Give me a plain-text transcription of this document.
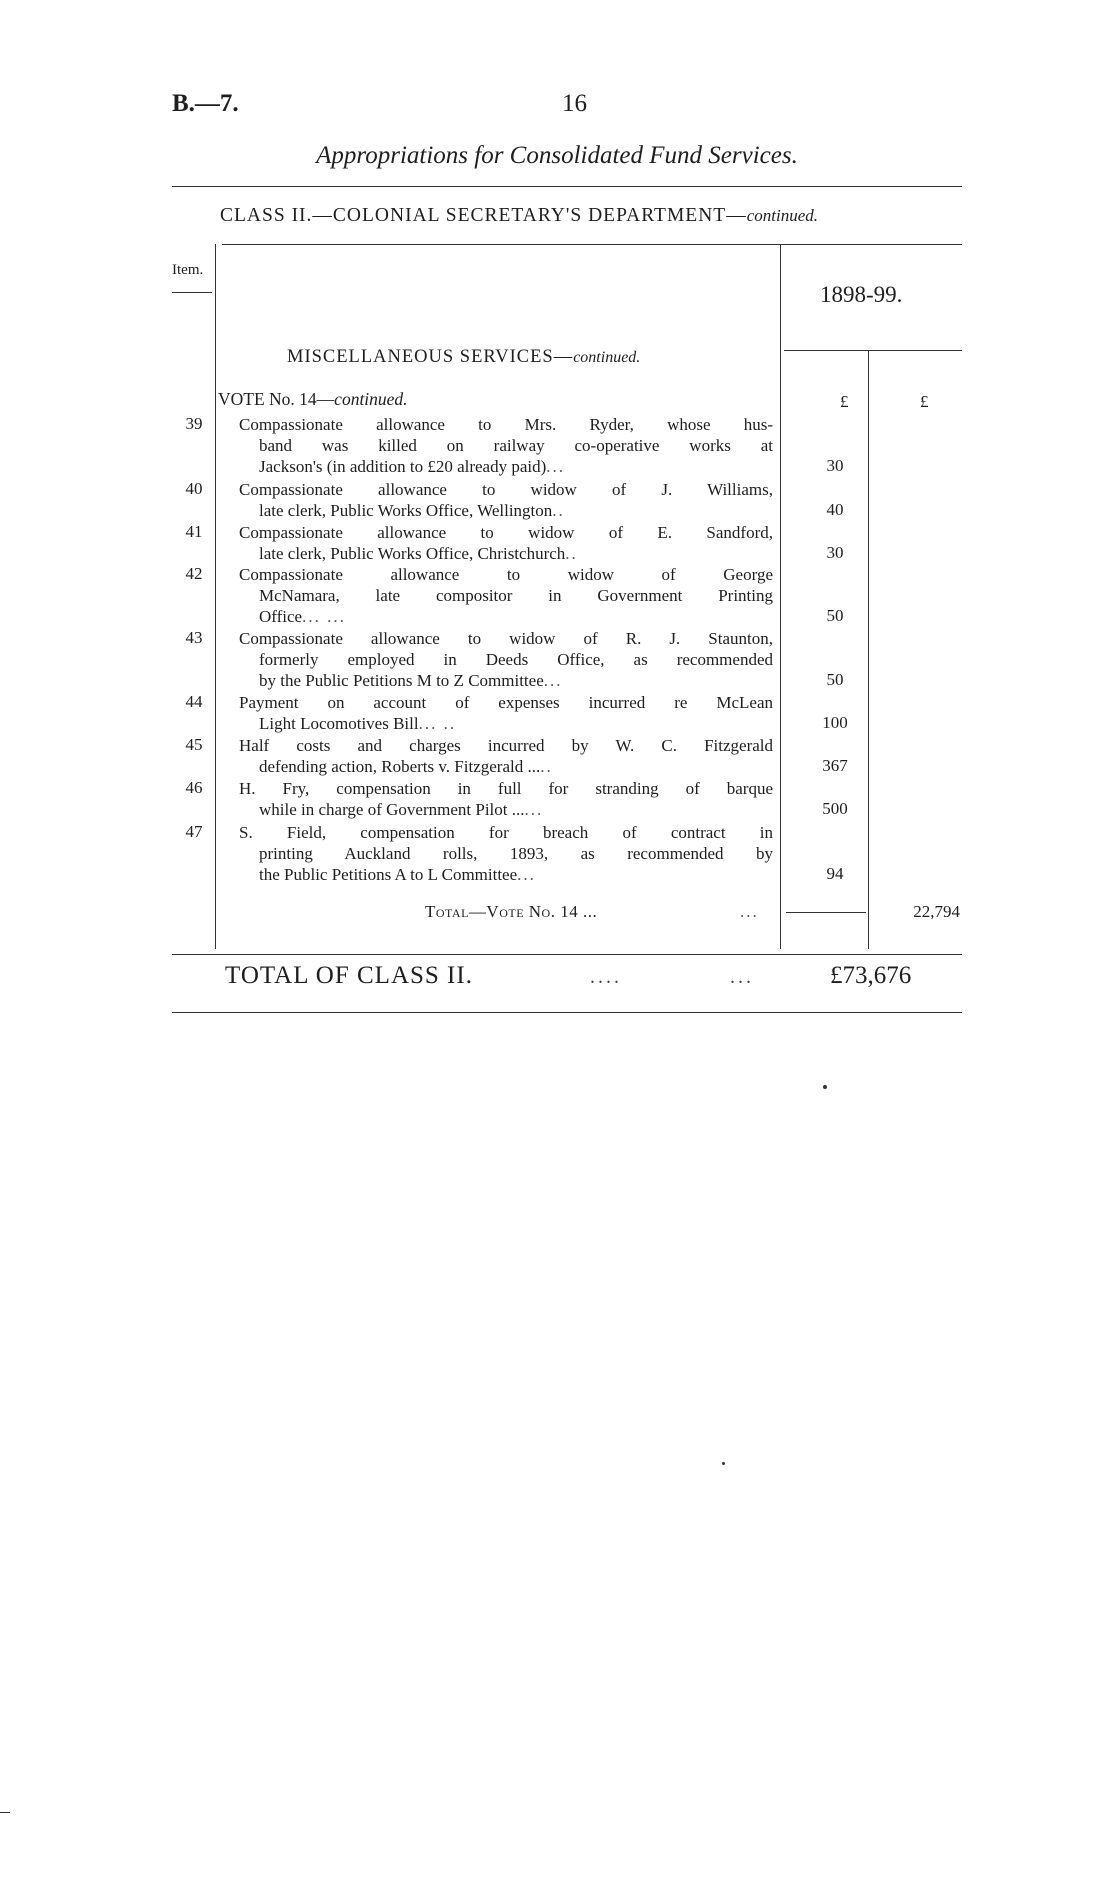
B.—7.	16
Appropriations for Consolidated Fund Services.
CLASS II.—COLONIAL SECRETARY'S DEPARTMENT—continued.
Item.
1898-99.
MISCELLANEOUS SERVICES—continued.
VOTE No. 14—continued.	£	£
39	Compassionate allowance to Mrs. Ryder, whose hus-
band was killed on railway co-operative works at
Jackson's (in addition to £20 already paid) ...	30
40	Compassionate allowance to widow of J. Williams,
late clerk, Public Works Office, Wellington ..	40
41	Compassionate allowance to widow of E. Sandford,
late clerk, Public Works Office, Christchurch ..	30
42	Compassionate allowance to widow of George
McNamara, late compositor in Government Printing
Office ... ...	50
43	Compassionate allowance to widow of R. J. Staunton,
formerly employed in Deeds Office, as recommended
by the Public Petitions M to Z Committee ...	50
44	Payment on account of expenses incurred re McLean
Light Locomotives Bill ... ..	100
45	Half costs and charges incurred by W. C. Fitzgerald
defending action, Roberts v. Fitzgerald ... ..	367
46	H. Fry, compensation in full for stranding of barque
while in charge of Government Pilot ... ...	500
47	S. Field, compensation for breach of contract in
printing Auckland rolls, 1893, as recommended by
the Public Petitions A to L Committee ...	94
Total—Vote No. 14 ...	...	22,794
TOTAL OF CLASS II.	....	...	£73,676
